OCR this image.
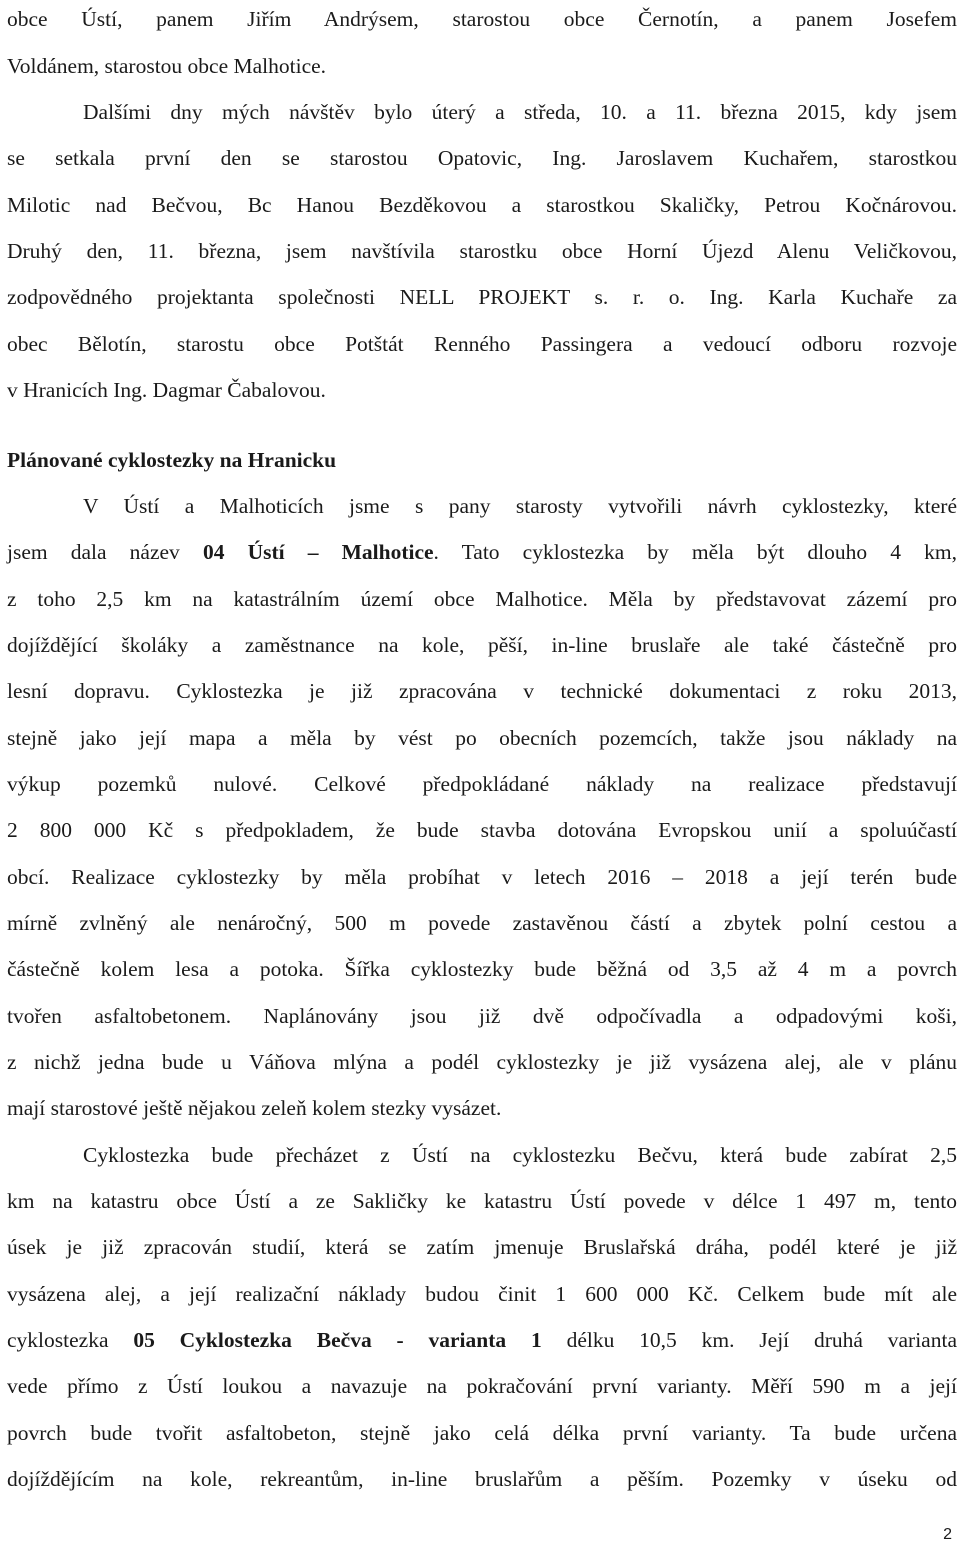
obce Ústí, panem Jiřím Andrýsem, starostou obce Černotín, a panem Josefem
Voldánem, starostou obce Malhotice.
Dalšími dny mých návštěv bylo úterý a středa, 10. a 11. března 2015, kdy jsem
se setkala první den se starostou Opatovic, Ing. Jaroslavem Kuchařem, starostkou
Milotic nad Bečvou, Bc Hanou Bezděkovou a starostkou Skaličky, Petrou Kočnárovou.
Druhý den, 11. března, jsem navštívila starostku obce Horní Újezd Alenu Veličkovou,
zodpovědného projektanta společnosti NELL PROJEKT s. r. o. Ing. Karla Kuchaře za
obec Bělotín, starostu obce Potštát Renného Passingera a vedoucí odboru rozvoje
v Hranicích Ing. Dagmar Čabalovou.
Plánované cyklostezky na Hranicku
V Ústí a Malhoticích jsme s pany starosty vytvořili návrh cyklostezky, které
jsem dala název 04 Ústí – Malhotice. Tato cyklostezka by měla být dlouho 4 km,
z toho 2,5 km na katastrálním území obce Malhotice. Měla by představovat zázemí pro
dojíždějící školáky a zaměstnance na kole, pěší, in-line bruslaře ale také částečně pro
lesní dopravu. Cyklostezka je již zpracována v technické dokumentaci z roku 2013,
stejně jako její mapa a měla by vést po obecních pozemcích, takže jsou náklady na
výkup pozemků nulové. Celkové předpokládané náklady na realizace představují
2 800 000 Kč s předpokladem, že bude stavba dotována Evropskou unií a spoluúčastí
obcí. Realizace cyklostezky by měla probíhat v letech 2016 – 2018 a její terén bude
mírně zvlněný ale nenáročný, 500 m povede zastavěnou částí a zbytek polní cestou a
částečně kolem lesa a potoka. Šířka cyklostezky bude běžná od 3,5 až 4 m a povrch
tvořen asfaltobetonem. Naplánovány jsou již dvě odpočívadla a odpadovými koši,
z nichž jedna bude u Váňova mlýna a podél cyklostezky je již vysázena alej, ale v plánu
mají starostové ještě nějakou zeleň kolem stezky vysázet.
Cyklostezka bude přecházet z Ústí na cyklostezku Bečvu, která bude zabírat 2,5
km na katastru obce Ústí a ze Sakličky ke katastru Ústí povede v délce 1 497 m, tento
úsek je již zpracován studií, která se zatím jmenuje Bruslařská dráha, podél které je již
vysázena alej, a její realizační náklady budou činit 1 600 000 Kč. Celkem bude mít ale
cyklostezka 05 Cyklostezka Bečva - varianta 1 délku 10,5 km. Její druhá varianta
vede přímo z Ústí loukou a navazuje na pokračování první varianty. Měří 590 m a její
povrch bude tvořit asfaltobeton, stejně jako celá délka první varianty. Ta bude určena
dojíždějícím na kole, rekreantům, in-line bruslařům a pěším. Pozemky v úseku od
2
